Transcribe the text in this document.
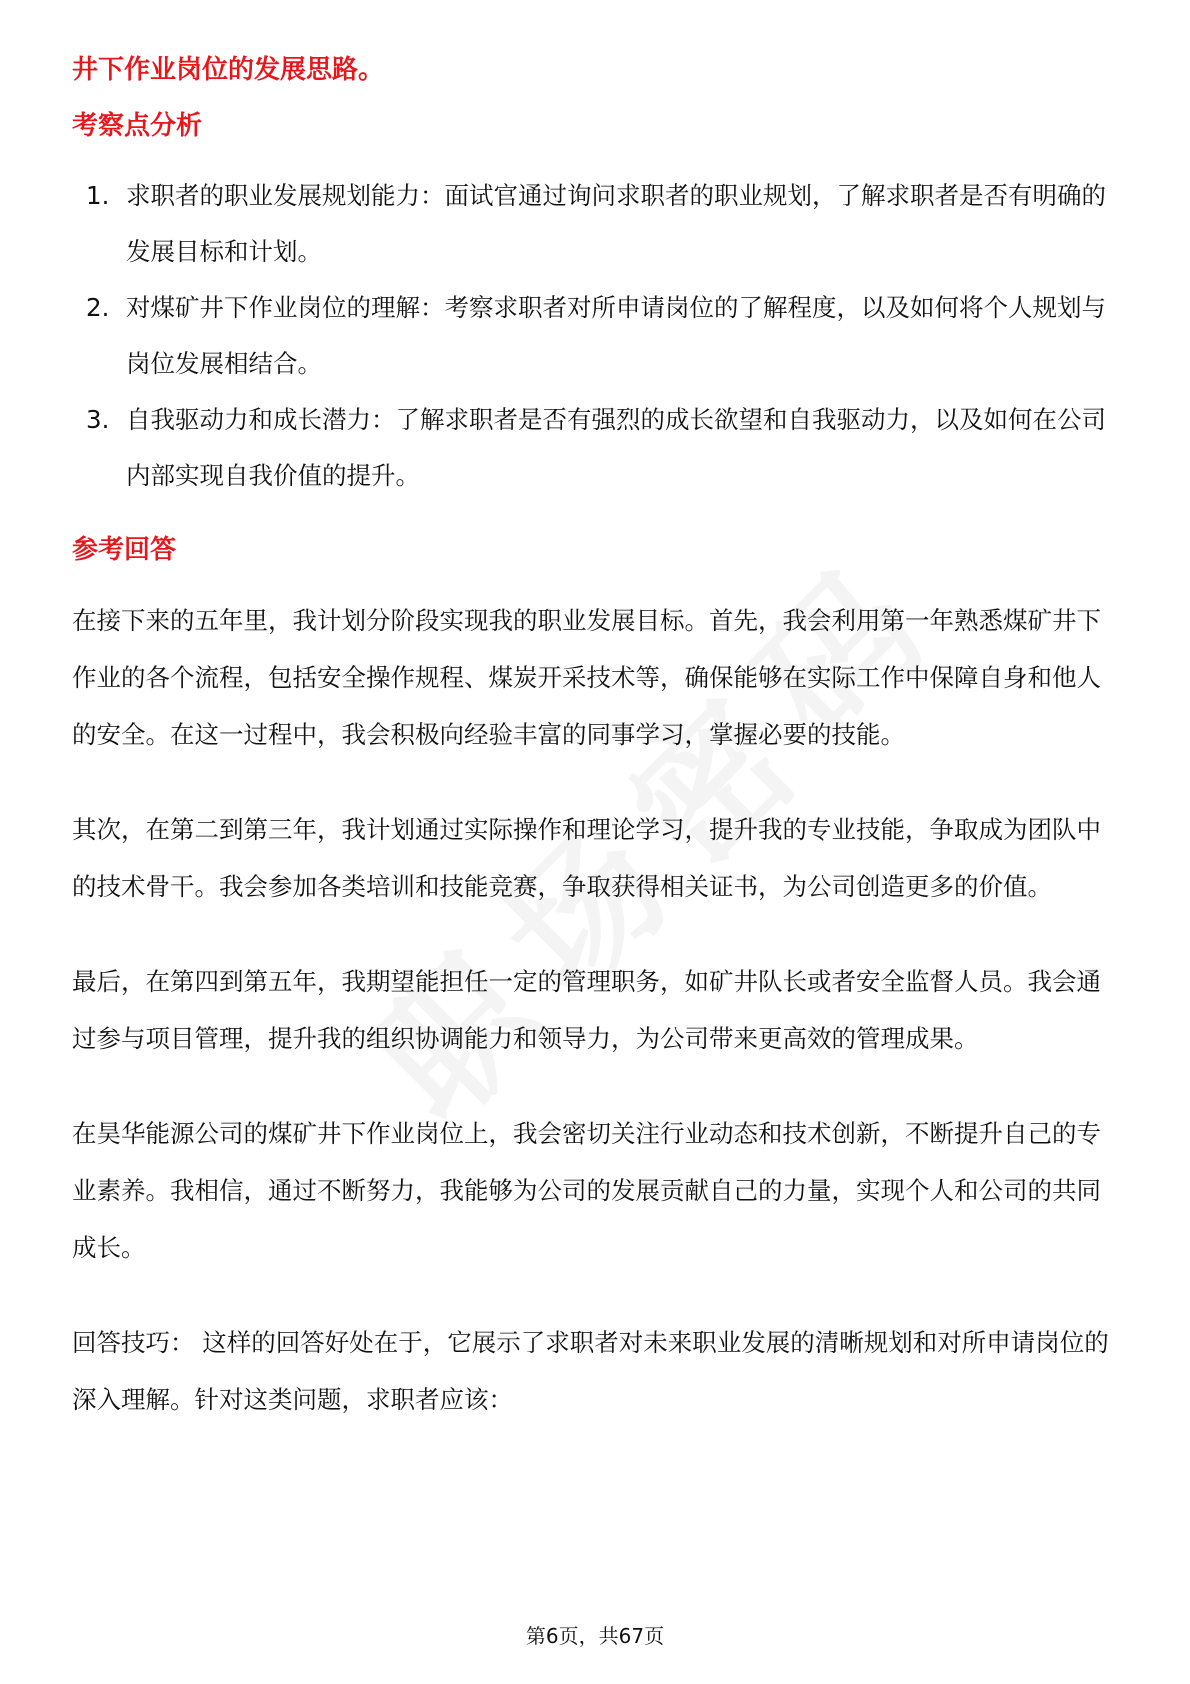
井下作业岗位的发展思路。
考察点分析
1. 求职者的职业发展规划能力：面试官通过询问求职者的职业规划，了解求职者是否有明确的发展目标和计划。
2. 对煤矿井下作业岗位的理解：考察求职者对所申请岗位的了解程度，以及如何将个人规划与岗位发展相结合。
3. 自我驱动力和成长潜力：了解求职者是否有强烈的成长欲望和自我驱动力，以及如何在公司内部实现自我价值的提升。
参考回答

在接下来的五年里，我计划分阶段实现我的职业发展目标。首先，我会利用第一年熟悉煤矿井下作业的各个流程，包括安全操作规程、煤炭开采技术等，确保能够在实际工作中保障自身和他人的安全。在这一过程中，我会积极向经验丰富的同事学习，掌握必要的技能。

其次，在第二到第三年，我计划通过实际操作和理论学习，提升我的专业技能，争取成为团队中的技术骨干。我会参加各类培训和技能竞赛，争取获得相关证书，为公司创造更多的价值。

最后，在第四到第五年，我期望能担任一定的管理职务，如矿井队长或者安全监督人员。我会通过参与项目管理，提升我的组织协调能力和领导力，为公司带来更高效的管理成果。

在昊华能源公司的煤矿井下作业岗位上，我会密切关注行业动态和技术创新，不断提升自己的专业素养。我相信，通过不断努力，我能够为公司的发展贡献自己的力量，实现个人和公司的共同成长。

回答技巧： 这样的回答好处在于，它展示了求职者对未来职业发展的清晰规划和对所申请岗位的深入理解。针对这类问题，求职者应该：

第6页，共67页
